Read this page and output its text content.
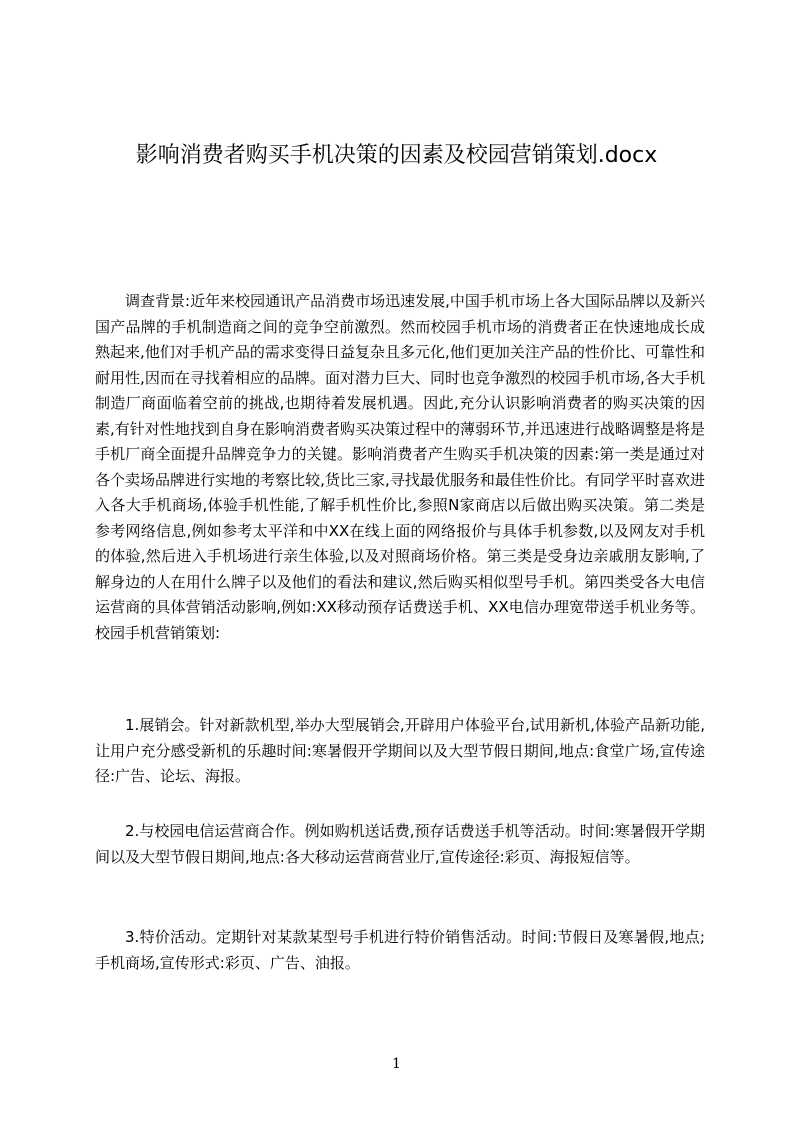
影响消费者购买手机决策的因素及校园营销策划.docx

调查背景:近年来校园通讯产品消费市场迅速发展,中国手机市场上各大国际品牌以及新兴国产品牌的手机制造商之间的竞争空前激烈。然而校园手机市场的消费者正在快速地成长成熟起来,他们对手机产品的需求变得日益复杂且多元化,他们更加关注产品的性价比、可靠性和耐用性,因而在寻找着相应的品牌。面对潜力巨大、同时也竞争激烈的校园手机市场,各大手机制造厂商面临着空前的挑战,也期待着发展机遇。因此,充分认识影响消费者的购买决策的因素,有针对性地找到自身在影响消费者购买决策过程中的薄弱环节,并迅速进行战略调整是将是手机厂商全面提升品牌竞争力的关键。影响消费者产生购买手机决策的因素:第一类是通过对各个卖场品牌进行实地的考察比较,货比三家,寻找最优服务和最佳性价比。有同学平时喜欢进入各大手机商场,体验手机性能,了解手机性价比,参照N家商店以后做出购买决策。第二类是参考网络信息,例如参考太平洋和中XX在线上面的网络报价与具体手机参数,以及网友对手机的体验,然后进入手机场进行亲生体验,以及对照商场价格。第三类是受身边亲戚朋友影响,了解身边的人在用什么牌子以及他们的看法和建议,然后购买相似型号手机。第四类受各大电信运营商的具体营销活动影响,例如:XX移动预存话费送手机、XX电信办理宽带送手机业务等。校园手机营销策划:

1.展销会。针对新款机型,举办大型展销会,开辟用户体验平台,试用新机,体验产品新功能,让用户充分感受新机的乐趣时间:寒暑假开学期间以及大型节假日期间,地点:食堂广场,宣传途径:广告、论坛、海报。

2.与校园电信运营商合作。例如购机送话费,预存话费送手机等活动。时间:寒暑假开学期间以及大型节假日期间,地点:各大移动运营商营业厅,宣传途径:彩页、海报短信等。

3.特价活动。定期针对某款某型号手机进行特价销售活动。时间:节假日及寒暑假,地点;手机商场,宣传形式:彩页、广告、油报。

1
